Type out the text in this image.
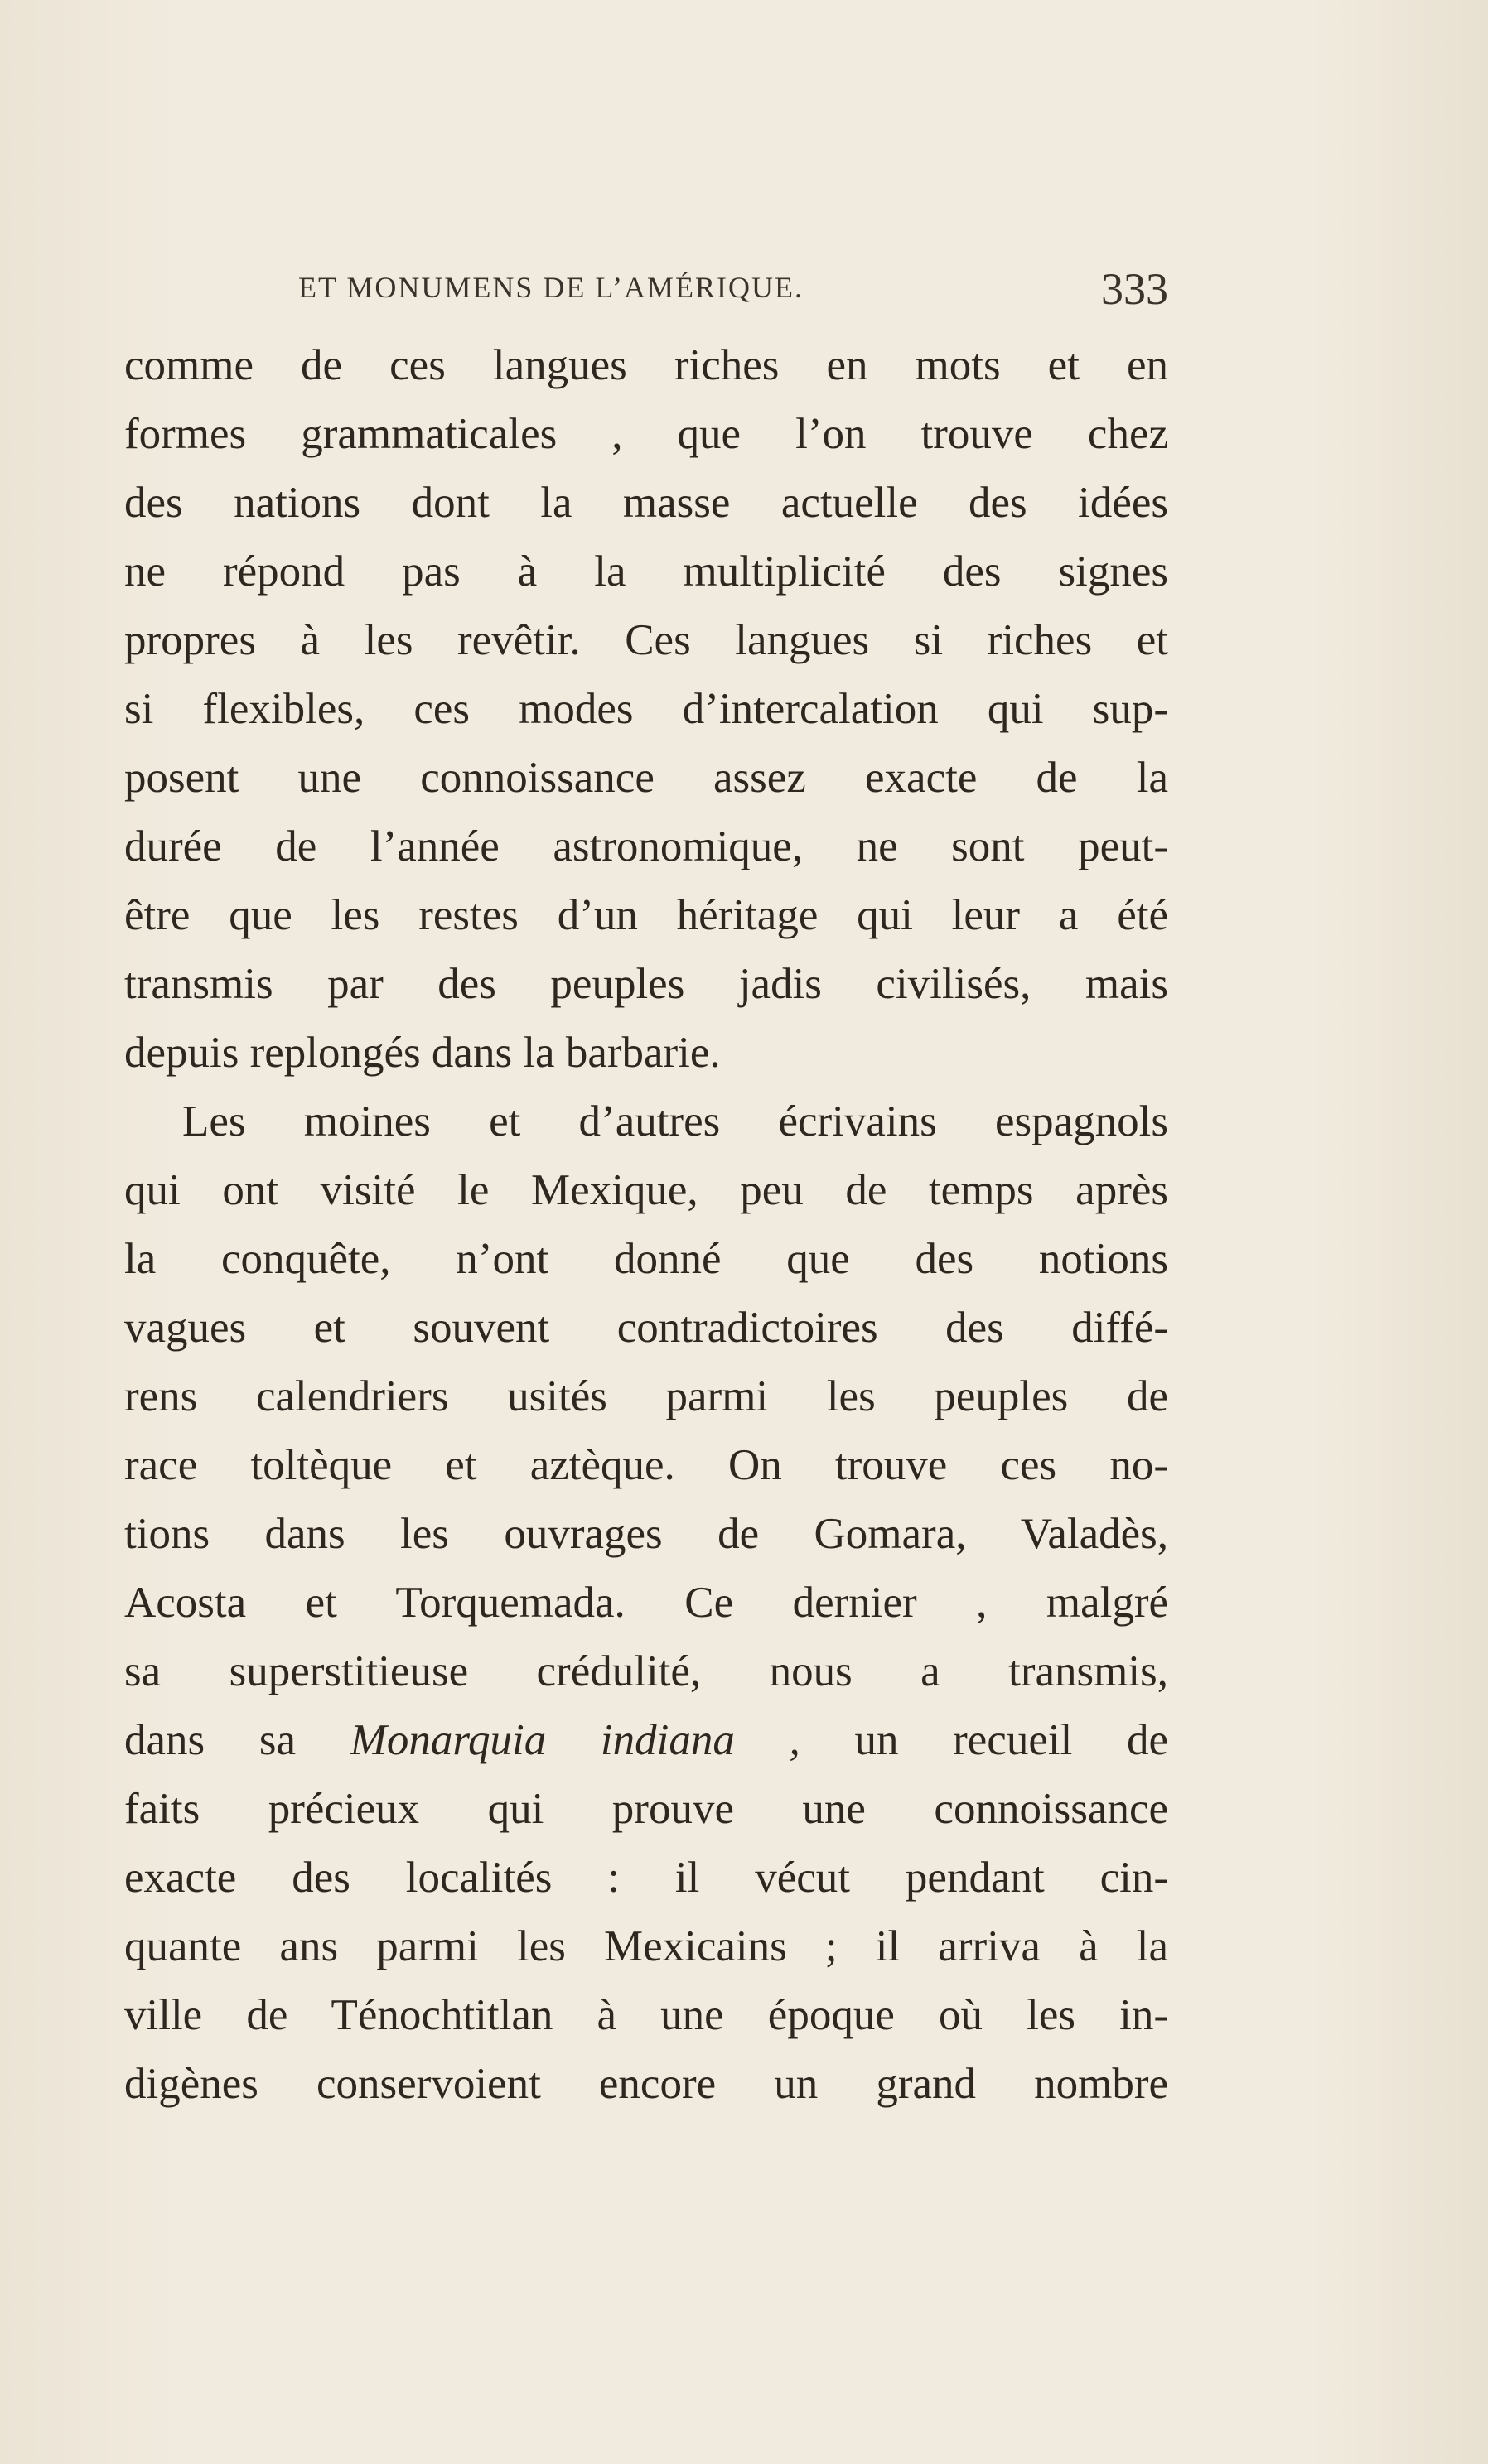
ET MONUMENS DE L’AMÉRIQUE.	333
comme de ces langues riches en mots et en
formes grammaticales , que l’on trouve chez
des nations dont la masse actuelle des idées
ne répond pas à la multiplicité des signes
propres à les revêtir. Ces langues si riches et
si flexibles, ces modes d’intercalation qui sup-
posent une connoissance assez exacte de la
durée de l’année astronomique, ne sont peut-
être que les restes d’un héritage qui leur a été
transmis par des peuples jadis civilisés, mais
depuis replongés dans la barbarie.
Les moines et d’autres écrivains espagnols
qui ont visité le Mexique, peu de temps après
la conquête, n’ont donné que des notions
vagues et souvent contradictoires des diffé-
rens calendriers usités parmi les peuples de
race toltèque et aztèque. On trouve ces no-
tions dans les ouvrages de Gomara, Valadès,
Acosta et Torquemada. Ce dernier , malgré
sa superstitieuse crédulité, nous a transmis,
dans sa Monarquia indiana , un recueil de
faits précieux qui prouve une connoissance
exacte des localités : il vécut pendant cin-
quante ans parmi les Mexicains ; il arriva à la
ville de Ténochtitlan à une époque où les in-
digènes conservoient encore un grand nombre
